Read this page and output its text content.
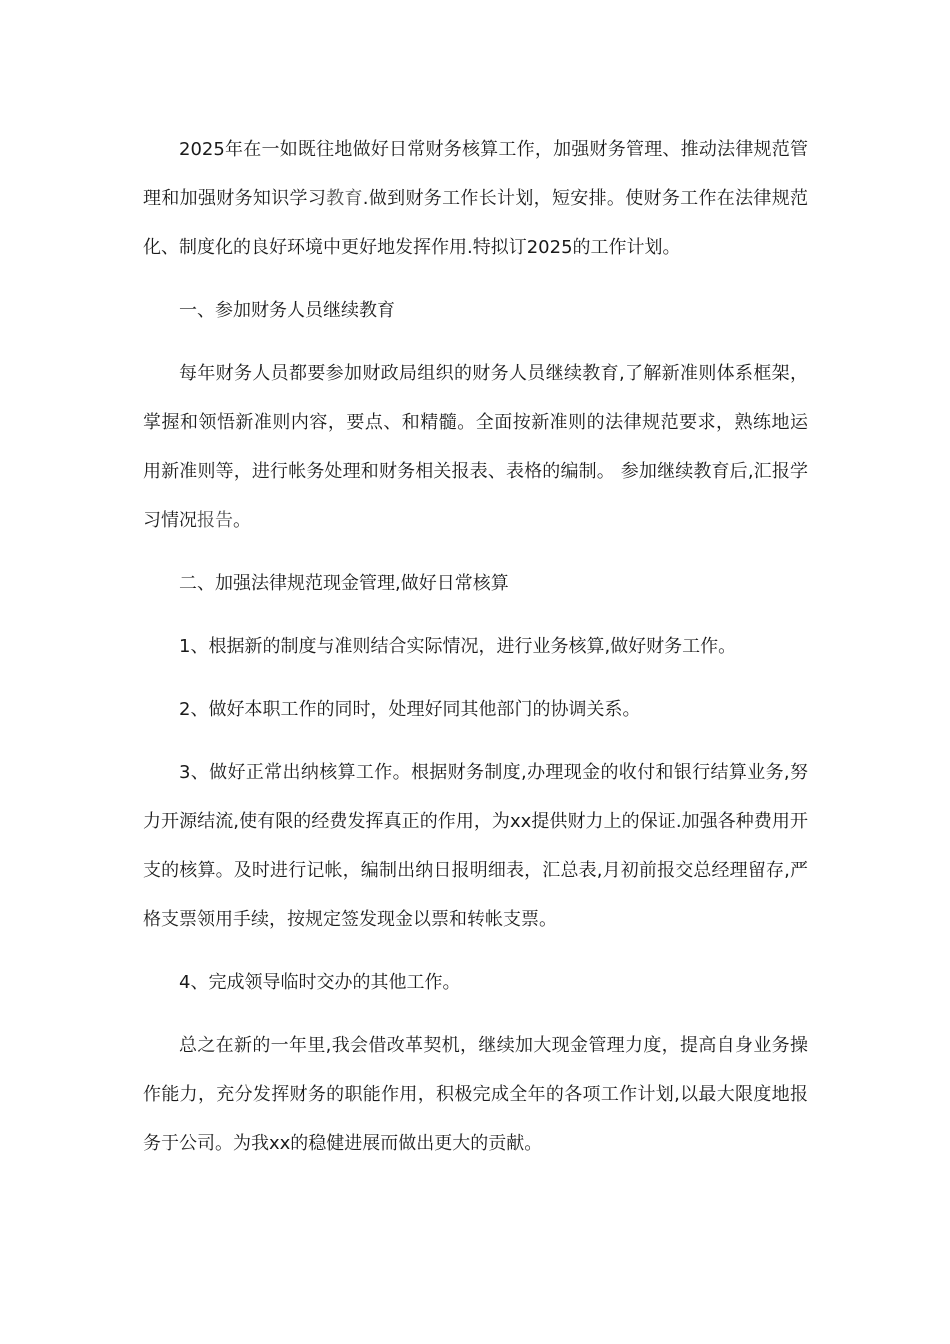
2025年在一如既往地做好日常财务核算工作，加强财务管理、推动法律规范管理和加强财务知识学习教育.做到财务工作长计划，短安排。使财务工作在法律规范化、制度化的良好环境中更好地发挥作用.特拟订2025的工作计划。

一、参加财务人员继续教育

每年财务人员都要参加财政局组织的财务人员继续教育,了解新准则体系框架，掌握和领悟新准则内容，要点、和精髓。全面按新准则的法律规范要求，熟练地运用新准则等，进行帐务处理和财务相关报表、表格的编制。 参加继续教育后,汇报学习情况报告。

二、加强法律规范现金管理,做好日常核算

1、根据新的制度与准则结合实际情况，进行业务核算,做好财务工作。

2、做好本职工作的同时，处理好同其他部门的协调关系。

3、做好正常出纳核算工作。根据财务制度,办理现金的收付和银行结算业务,努力开源结流,使有限的经费发挥真正的作用，为xx提供财力上的保证.加强各种费用开支的核算。及时进行记帐，编制出纳日报明细表，汇总表,月初前报交总经理留存,严格支票领用手续，按规定签发现金以票和转帐支票。

4、完成领导临时交办的其他工作。

总之在新的一年里,我会借改革契机，继续加大现金管理力度，提高自身业务操作能力，充分发挥财务的职能作用，积极完成全年的各项工作计划,以最大限度地报务于公司。为我xx的稳健进展而做出更大的贡献。
